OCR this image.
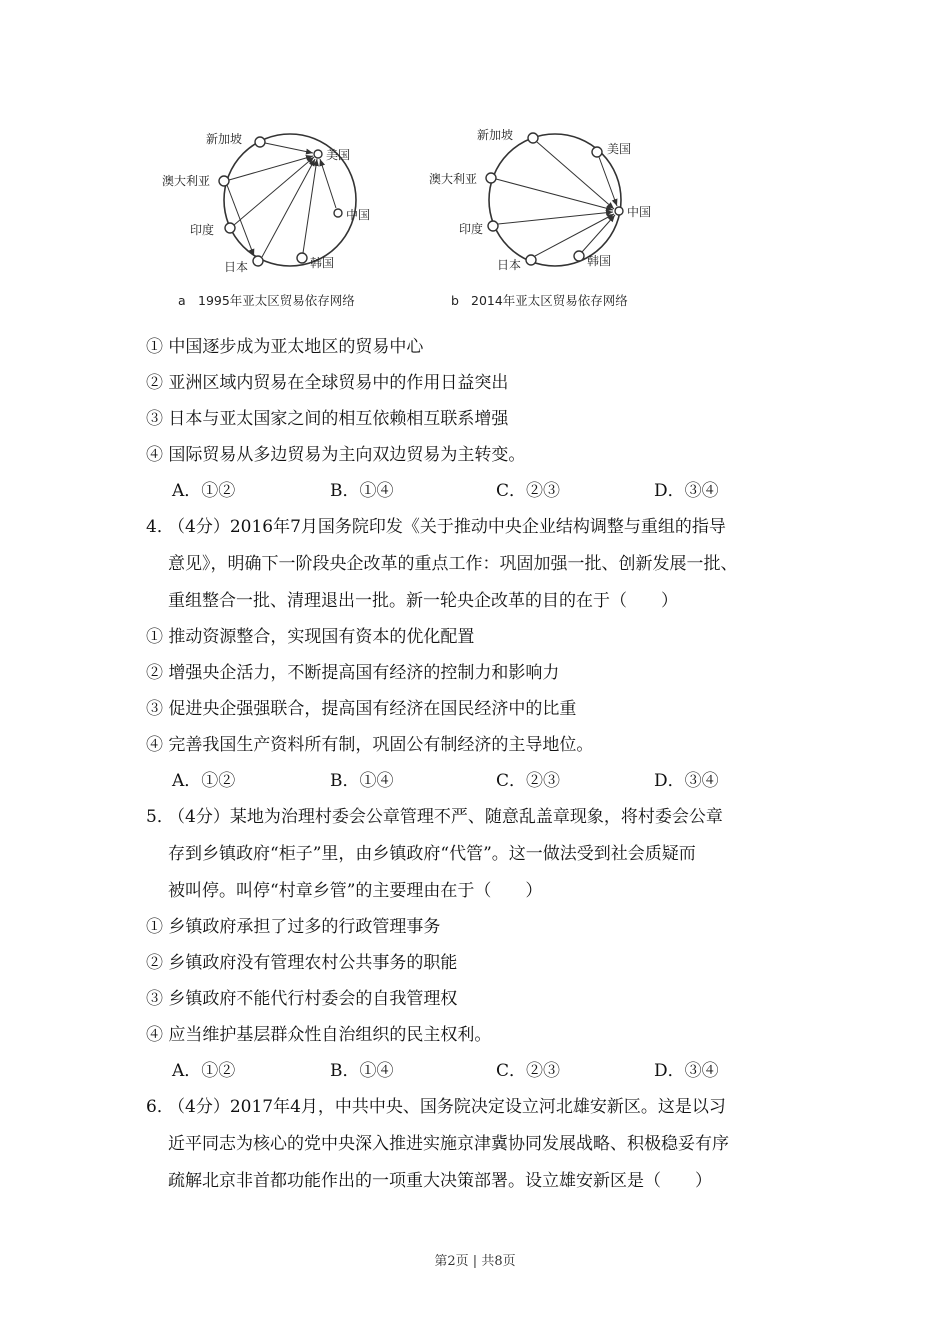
新加坡
美国
澳大利亚
中国
印度
日本	韩国
a 1995年亚太区贸易依存网络
新加坡
美国
澳大利亚
中国
印度
日本	韩国
b 2014年亚太区贸易依存网络
① 中国逐步成为亚太地区的贸易中心
② 亚洲区域内贸易在全球贸易中的作用日益突出
③ 日本与亚太国家之间的相互依赖相互联系增强
④ 国际贸易从多边贸易为主向双边贸易为主转变。
A．①②	B．①④	C．②③	D．③④
4．（4分）2016年7月国务院印发《关于推动中央企业结构调整与重组的指导
意见》，明确下一阶段央企改革的重点工作：巩固加强一批、创新发展一批、
重组整合一批、清理退出一批。新一轮央企改革的目的在于（　　）
① 推动资源整合，实现国有资本的优化配置
② 增强央企活力，不断提高国有经济的控制力和影响力
③ 促进央企强强联合，提高国有经济在国民经济中的比重
④ 完善我国生产资料所有制，巩固公有制经济的主导地位。
A．①②	B．①④	C．②③	D．③④
5．（4分）某地为治理村委会公章管理不严、随意乱盖章现象，将村委会公章
存到乡镇政府“柜子”里，由乡镇政府“代管”。这一做法受到社会质疑而
被叫停。叫停“村章乡管”的主要理由在于（　　）
① 乡镇政府承担了过多的行政管理事务
② 乡镇政府没有管理农村公共事务的职能
③ 乡镇政府不能代行村委会的自我管理权
④ 应当维护基层群众性自治组织的民主权利。
A．①②	B．①④	C．②③	D．③④
6．（4分）2017年4月，中共中央、国务院决定设立河北雄安新区。这是以习
近平同志为核心的党中央深入推进实施京津冀协同发展战略、积极稳妥有序
疏解北京非首都功能作出的一项重大决策部署。设立雄安新区是（　　）
第2页 | 共8页
